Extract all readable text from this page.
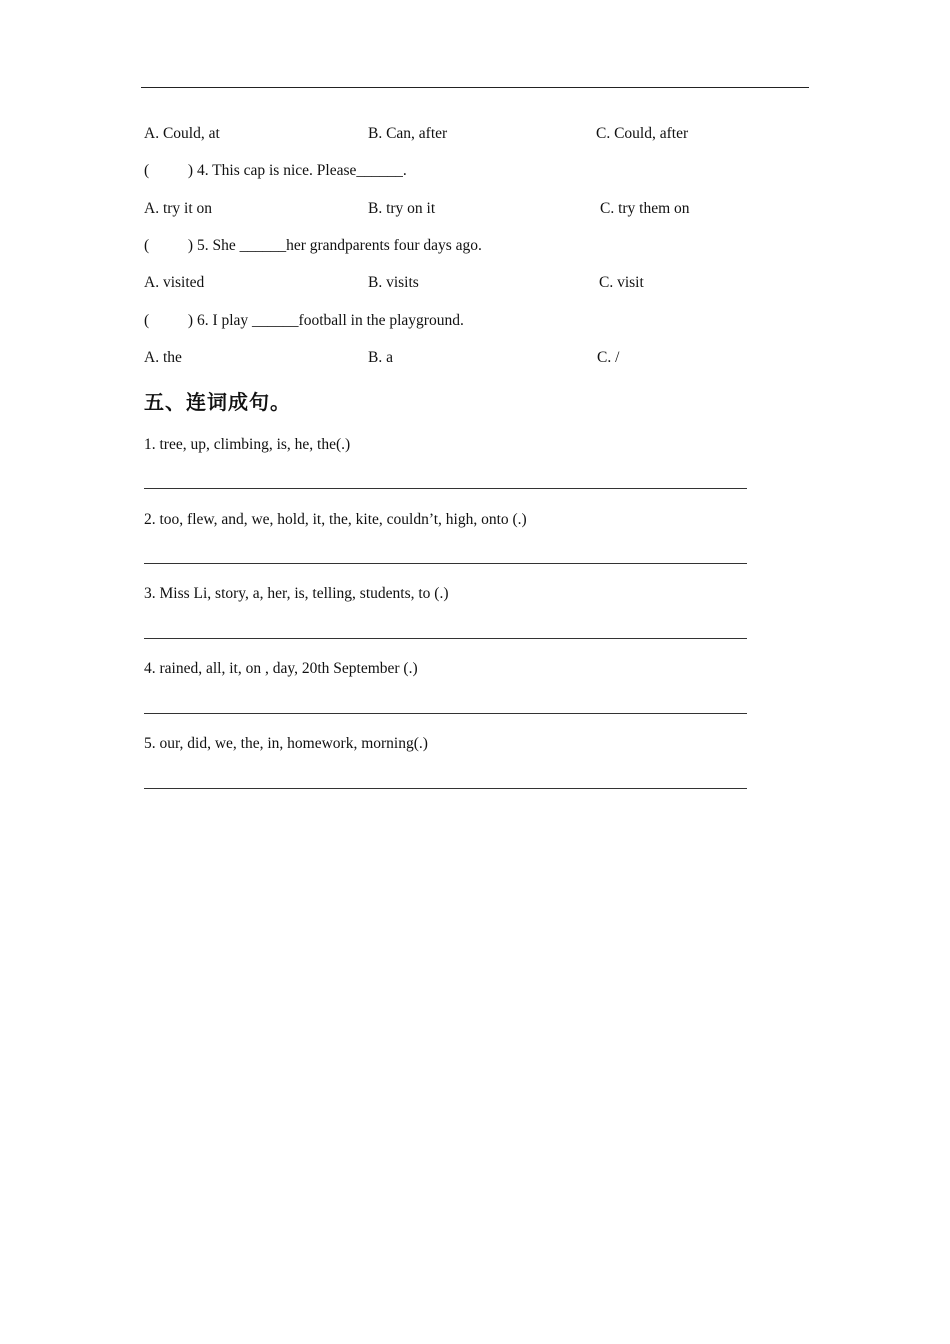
A. Could, at	B. Can, after	C. Could, after
(          ) 4. This cap is nice. Please______.
A. try it on	B. try on it	C. try them on
(          ) 5. She ______her grandparents four days ago.
A. visited	B. visits	C. visit
(          ) 6. I play ______football in the playground.
A. the	B. a	C. /
五、连词成句。
1. tree, up, climbing, is, he, the(.)
2. too, flew, and, we, hold, it, the, kite, couldn’t, high, onto (.)
3. Miss Li, story, a, her, is, telling, students, to (.)
4. rained, all, it, on , day, 20th September (.)
5. our, did, we, the, in, homework, morning(.)
